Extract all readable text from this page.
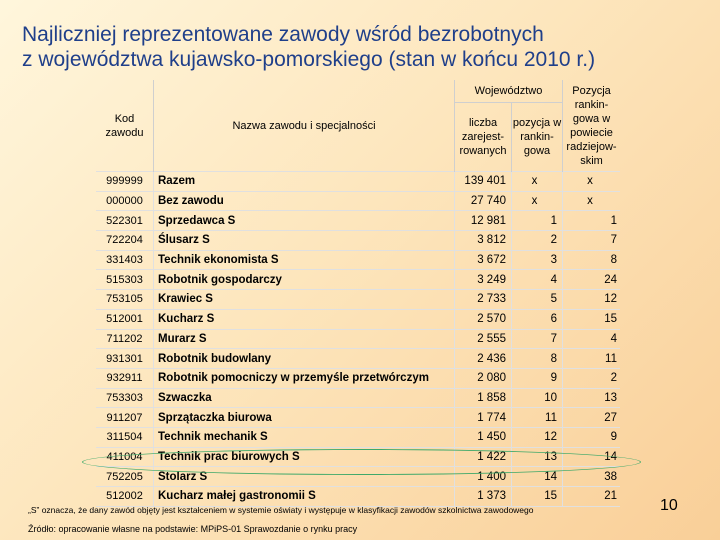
Najliczniej reprezentowane zawody wśród bezrobotnych
z województwa kujawsko-pomorskiego (stan w końcu 2010 r.)
Kod zawodu	Nazwa zawodu i specjalności	Województwo		Pozycja rankin-gowa w powiecie radziejow-skim
		liczba zarejest-rowanych	pozycja w rankin-gowa	
999999	Razem	139 401	x	x
000000	Bez zawodu	27 740	x	x
522301	Sprzedawca S	12 981	1	1
722204	Ślusarz S	3 812	2	7
331403	Technik ekonomista S	3 672	3	8
515303	Robotnik gospodarczy	3 249	4	24
753105	Krawiec S	2 733	5	12
512001	Kucharz S	2 570	6	15
711202	Murarz S	2 555	7	4
931301	Robotnik budowlany	2 436	8	11
932911	Robotnik pomocniczy w przemyśle przetwórczym	2 080	9	2
753303	Szwaczka	1 858	10	13
911207	Sprzątaczka biurowa	1 774	11	27
311504	Technik mechanik S	1 450	12	9
411004	Technik prac biurowych S	1 422	13	14
752205	Stolarz S	1 400	14	38
512002	Kucharz małej gastronomii S	1 373	15	21
„S” oznacza, że dany zawód objęty jest kształceniem w systemie oświaty i występuje w klasyfikacji zawodów szkolnictwa zawodowego
Źródło: opracowanie własne na podstawie: MPiPS-01 Sprawozdanie o rynku pracy
10
